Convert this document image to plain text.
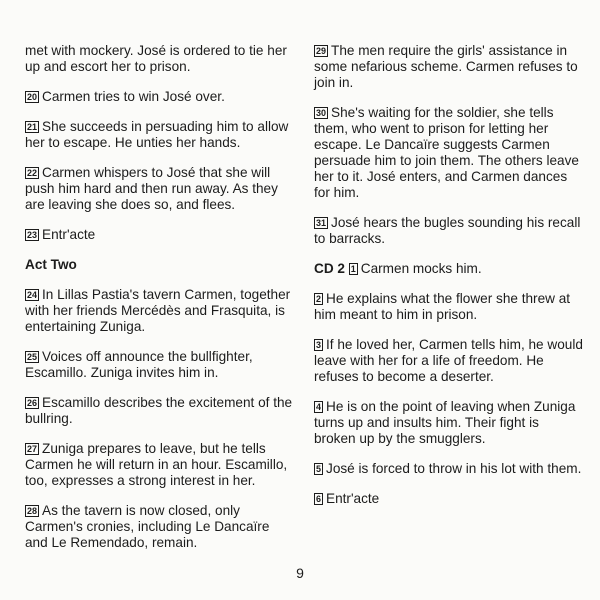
met with mockery. José is ordered to tie her up and escort her to prison.

20 Carmen tries to win José over.

21 She succeeds in persuading him to allow her to escape. He unties her hands.

22 Carmen whispers to José that she will push him hard and then run away. As they are leaving she does so, and flees.

23 Entr'acte

Act Two

24 In Lillas Pastia's tavern Carmen, together with her friends Mercédès and Frasquita, is entertaining Zuniga.

25 Voices off announce the bullfighter, Escamillo. Zuniga invites him in.

26 Escamillo describes the excitement of the bullring.

27 Zuniga prepares to leave, but he tells Carmen he will return in an hour. Escamillo, too, expresses a strong interest in her.

28 As the tavern is now closed, only Carmen's cronies, including Le Dancaïre and Le Remendado, remain.

29 The men require the girls' assistance in some nefarious scheme. Carmen refuses to join in.

30 She's waiting for the soldier, she tells them, who went to prison for letting her escape. Le Dancaïre suggests Carmen persuade him to join them. The others leave her to it. José enters, and Carmen dances for him.

31 José hears the bugles sounding his recall to barracks.

CD 2 1 Carmen mocks him.

2 He explains what the flower she threw at him meant to him in prison.

3 If he loved her, Carmen tells him, he would leave with her for a life of freedom. He refuses to become a deserter.

4 He is on the point of leaving when Zuniga turns up and insults him. Their fight is broken up by the smugglers.

5 José is forced to throw in his lot with them.

6 Entr'acte

9
